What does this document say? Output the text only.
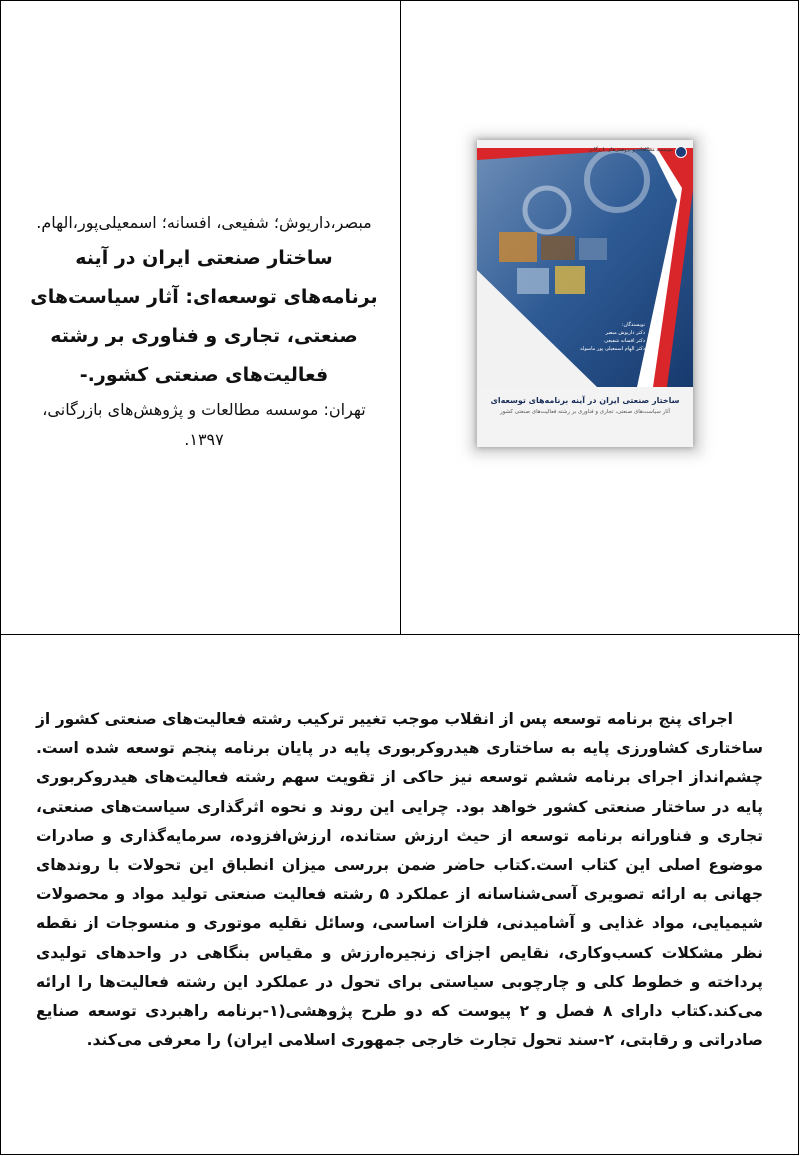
مبصر،داریوش؛ شفیعی، افسانه؛ اسمعیلی‌پور،الهام.
ساختار صنعتی ایران در آینه برنامه‌های توسعه‌ای: آثار سیاست‌های صنعتی، تجاری و فناوری بر رشته فعالیت‌های صنعتی کشور.-
تهران: موسسه مطالعات و پژوهش‌های بازرگانی،
۱۳۹۷.
موسسه مطالعات و پژوهش‌های بازرگانی
نویسندگان:
دکتر داریوش مبصر
دکتر افسانه شفیعی
دکتر الهام اسمعیلی پور ماسوله
ساختار صنعتی ایران در آینه برنامه‌های توسعه‌ای
آثار سیاست‌های صنعتی، تجاری و فناوری بر رشته فعالیت‌های صنعتی کشور
اجرای پنج برنامه توسعه پس از انقلاب موجب تغییر ترکیب رشته فعالیت‌های صنعتی کشور از ساختاری کشاورزی پایه به ساختاری هیدروکربوری پایه در پایان برنامه پنجم توسعه شده است. چشم‌انداز اجرای برنامه ششم توسعه نیز حاکی از تقویت سهم رشته فعالیت‌های هیدروکربوری پایه در ساختار صنعتی کشور خواهد بود. چرایی این روند و نحوه اثرگذاری سیاست‌های صنعتی، تجاری و فناورانه برنامه توسعه از حیث ارزش ستانده، ارزش‌افزوده، سرمایه‌گذاری و صادرات موضوع اصلی این کتاب است.کتاب حاضر ضمن بررسی میزان انطباق این تحولات با روندهای جهانی به ارائه تصویری آسی‌شناسانه از عملکرد ۵ رشته فعالیت صنعتی تولید مواد و محصولات شیمیایی، مواد غذایی و آشامیدنی، فلزات اساسی، وسائل نقلیه موتوری و منسوجات از نقطه نظر مشکلات کسب‌وکاری، نقایص اجزای زنجیره‌ارزش و مقیاس بنگاهی در واحدهای تولیدی پرداخته و خطوط کلی و چارچوبی سیاستی برای تحول در عملکرد این رشته فعالیت‌ها را ارائه می‌کند.کتاب دارای ۸ فصل و ۲ پیوست که دو طرح پژوهشی(۱-برنامه راهبردی توسعه صنایع صادراتی و رقابتی، ۲-سند تحول تجارت خارجی جمهوری اسلامی ایران) را معرفی می‌کند.
